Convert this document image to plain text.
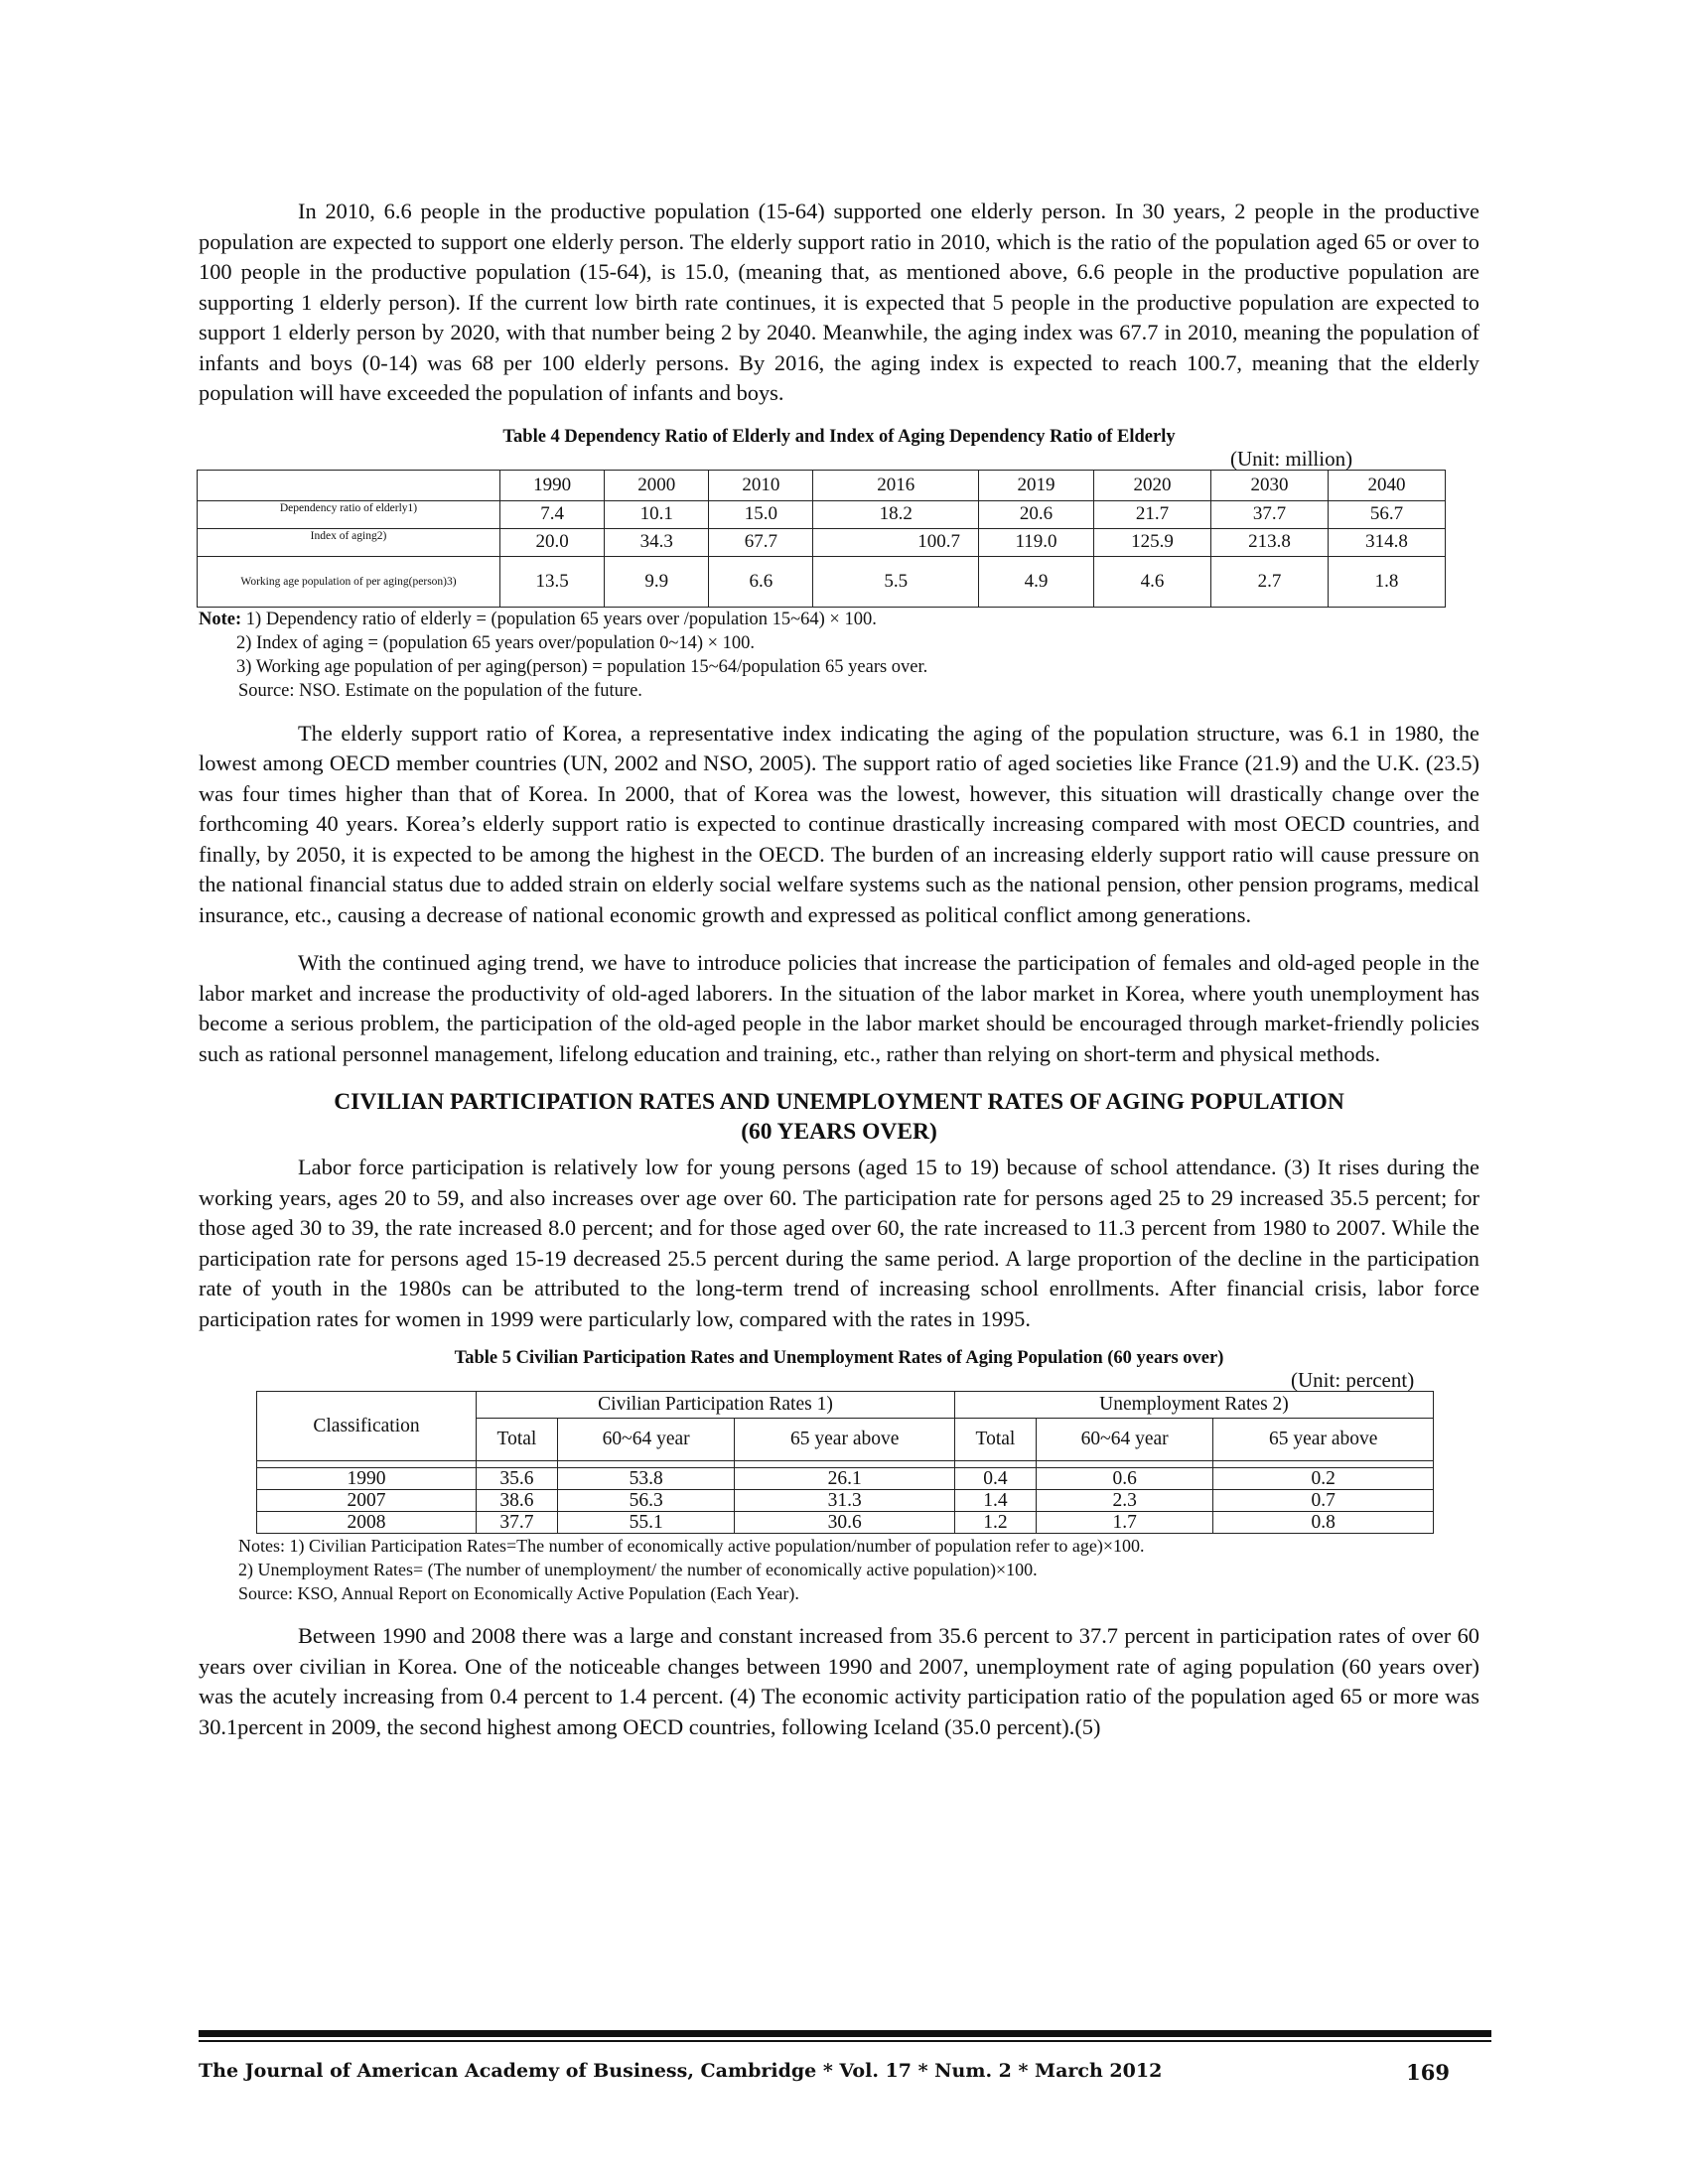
In 2010, 6.6 people in the productive population (15-64) supported one elderly person. In 30 years, 2 people in the productive population are expected to support one elderly person. The elderly support ratio in 2010, which is the ratio of the population aged 65 or over to 100 people in the productive population (15-64), is 15.0, (meaning that, as mentioned above, 6.6 people in the productive population are supporting 1 elderly person). If the current low birth rate continues, it is expected that 5 people in the productive population are expected to support 1 elderly person by 2020, with that number being 2 by 2040. Meanwhile, the aging index was 67.7 in 2010, meaning the population of infants and boys (0-14) was 68 per 100 elderly persons. By 2016, the aging index is expected to reach 100.7, meaning that the elderly population will have exceeded the population of infants and boys.

Table 4 Dependency Ratio of Elderly and Index of Aging Dependency Ratio of Elderly
(Unit: million)
	1990	2000	2010	2016	2019	2020	2030	2040
Dependency ratio of elderly1)	7.4	10.1	15.0	18.2	20.6	21.7	37.7	56.7
Index of aging2)	20.0	34.3	67.7	100.7	119.0	125.9	213.8	314.8
Working age population of per aging(person)3)	13.5	9.9	6.6	5.5	4.9	4.6	2.7	1.8
Note: 1) Dependency ratio of elderly = (population 65 years over /population 15~64) × 100.
2) Index of aging = (population 65 years over/population 0~14) × 100.
3) Working age population of per aging(person) = population 15~64/population 65 years over.
Source: NSO. Estimate on the population of the future.

The elderly support ratio of Korea, a representative index indicating the aging of the population structure, was 6.1 in 1980, the lowest among OECD member countries (UN, 2002 and NSO, 2005). The support ratio of aged societies like France (21.9) and the U.K. (23.5) was four times higher than that of Korea. In 2000, that of Korea was the lowest, however, this situation will drastically change over the forthcoming 40 years. Korea’s elderly support ratio is expected to continue drastically increasing compared with most OECD countries, and finally, by 2050, it is expected to be among the highest in the OECD. The burden of an increasing elderly support ratio will cause pressure on the national financial status due to added strain on elderly social welfare systems such as the national pension, other pension programs, medical insurance, etc., causing a decrease of national economic growth and expressed as political conflict among generations.

With the continued aging trend, we have to introduce policies that increase the participation of females and old-aged people in the labor market and increase the productivity of old-aged laborers. In the situation of the labor market in Korea, where youth unemployment has become a serious problem, the participation of the old-aged people in the labor market should be encouraged through market-friendly policies such as rational personnel management, lifelong education and training, etc., rather than relying on short-term and physical methods.

CIVILIAN PARTICIPATION RATES AND UNEMPLOYMENT RATES OF AGING POPULATION
(60 YEARS OVER)

Labor force participation is relatively low for young persons (aged 15 to 19) because of school attendance. (3) It rises during the working years, ages 20 to 59, and also increases over age over 60. The participation rate for persons aged 25 to 29 increased 35.5 percent; for those aged 30 to 39, the rate increased 8.0 percent; and for those aged over 60, the rate increased to 11.3 percent from 1980 to 2007. While the participation rate for persons aged 15-19 decreased 25.5 percent during the same period. A large proportion of the decline in the participation rate of youth in the 1980s can be attributed to the long-term trend of increasing school enrollments. After financial crisis, labor force participation rates for women in 1999 were particularly low, compared with the rates in 1995.

Table 5 Civilian Participation Rates and Unemployment Rates of Aging Population (60 years over)
(Unit: percent)
Classification	Civilian Participation Rates 1)			Unemployment Rates 2)		
	Total	60~64 year	65 year above	Total	60~64 year	65 year above

1990	35.6	53.8	26.1	0.4	0.6	0.2
2007	38.6	56.3	31.3	1.4	2.3	0.7
2008	37.7	55.1	30.6	1.2	1.7	0.8
Notes: 1) Civilian Participation Rates=The number of economically active population/number of population refer to age)×100.
2) Unemployment Rates= (The number of unemployment/ the number of economically active population)×100.
Source: KSO, Annual Report on Economically Active Population (Each Year).

Between 1990 and 2008 there was a large and constant increased from 35.6 percent to 37.7 percent in participation rates of over 60 years over civilian in Korea. One of the noticeable changes between 1990 and 2007, unemployment rate of aging population (60 years over) was the acutely increasing from 0.4 percent to 1.4 percent. (4) The economic activity participation ratio of the population aged 65 or more was 30.1percent in 2009, the second highest among OECD countries, following Iceland (35.0 percent).(5)

The Journal of American Academy of Business, Cambridge * Vol. 17 * Num. 2 * March 2012	169
